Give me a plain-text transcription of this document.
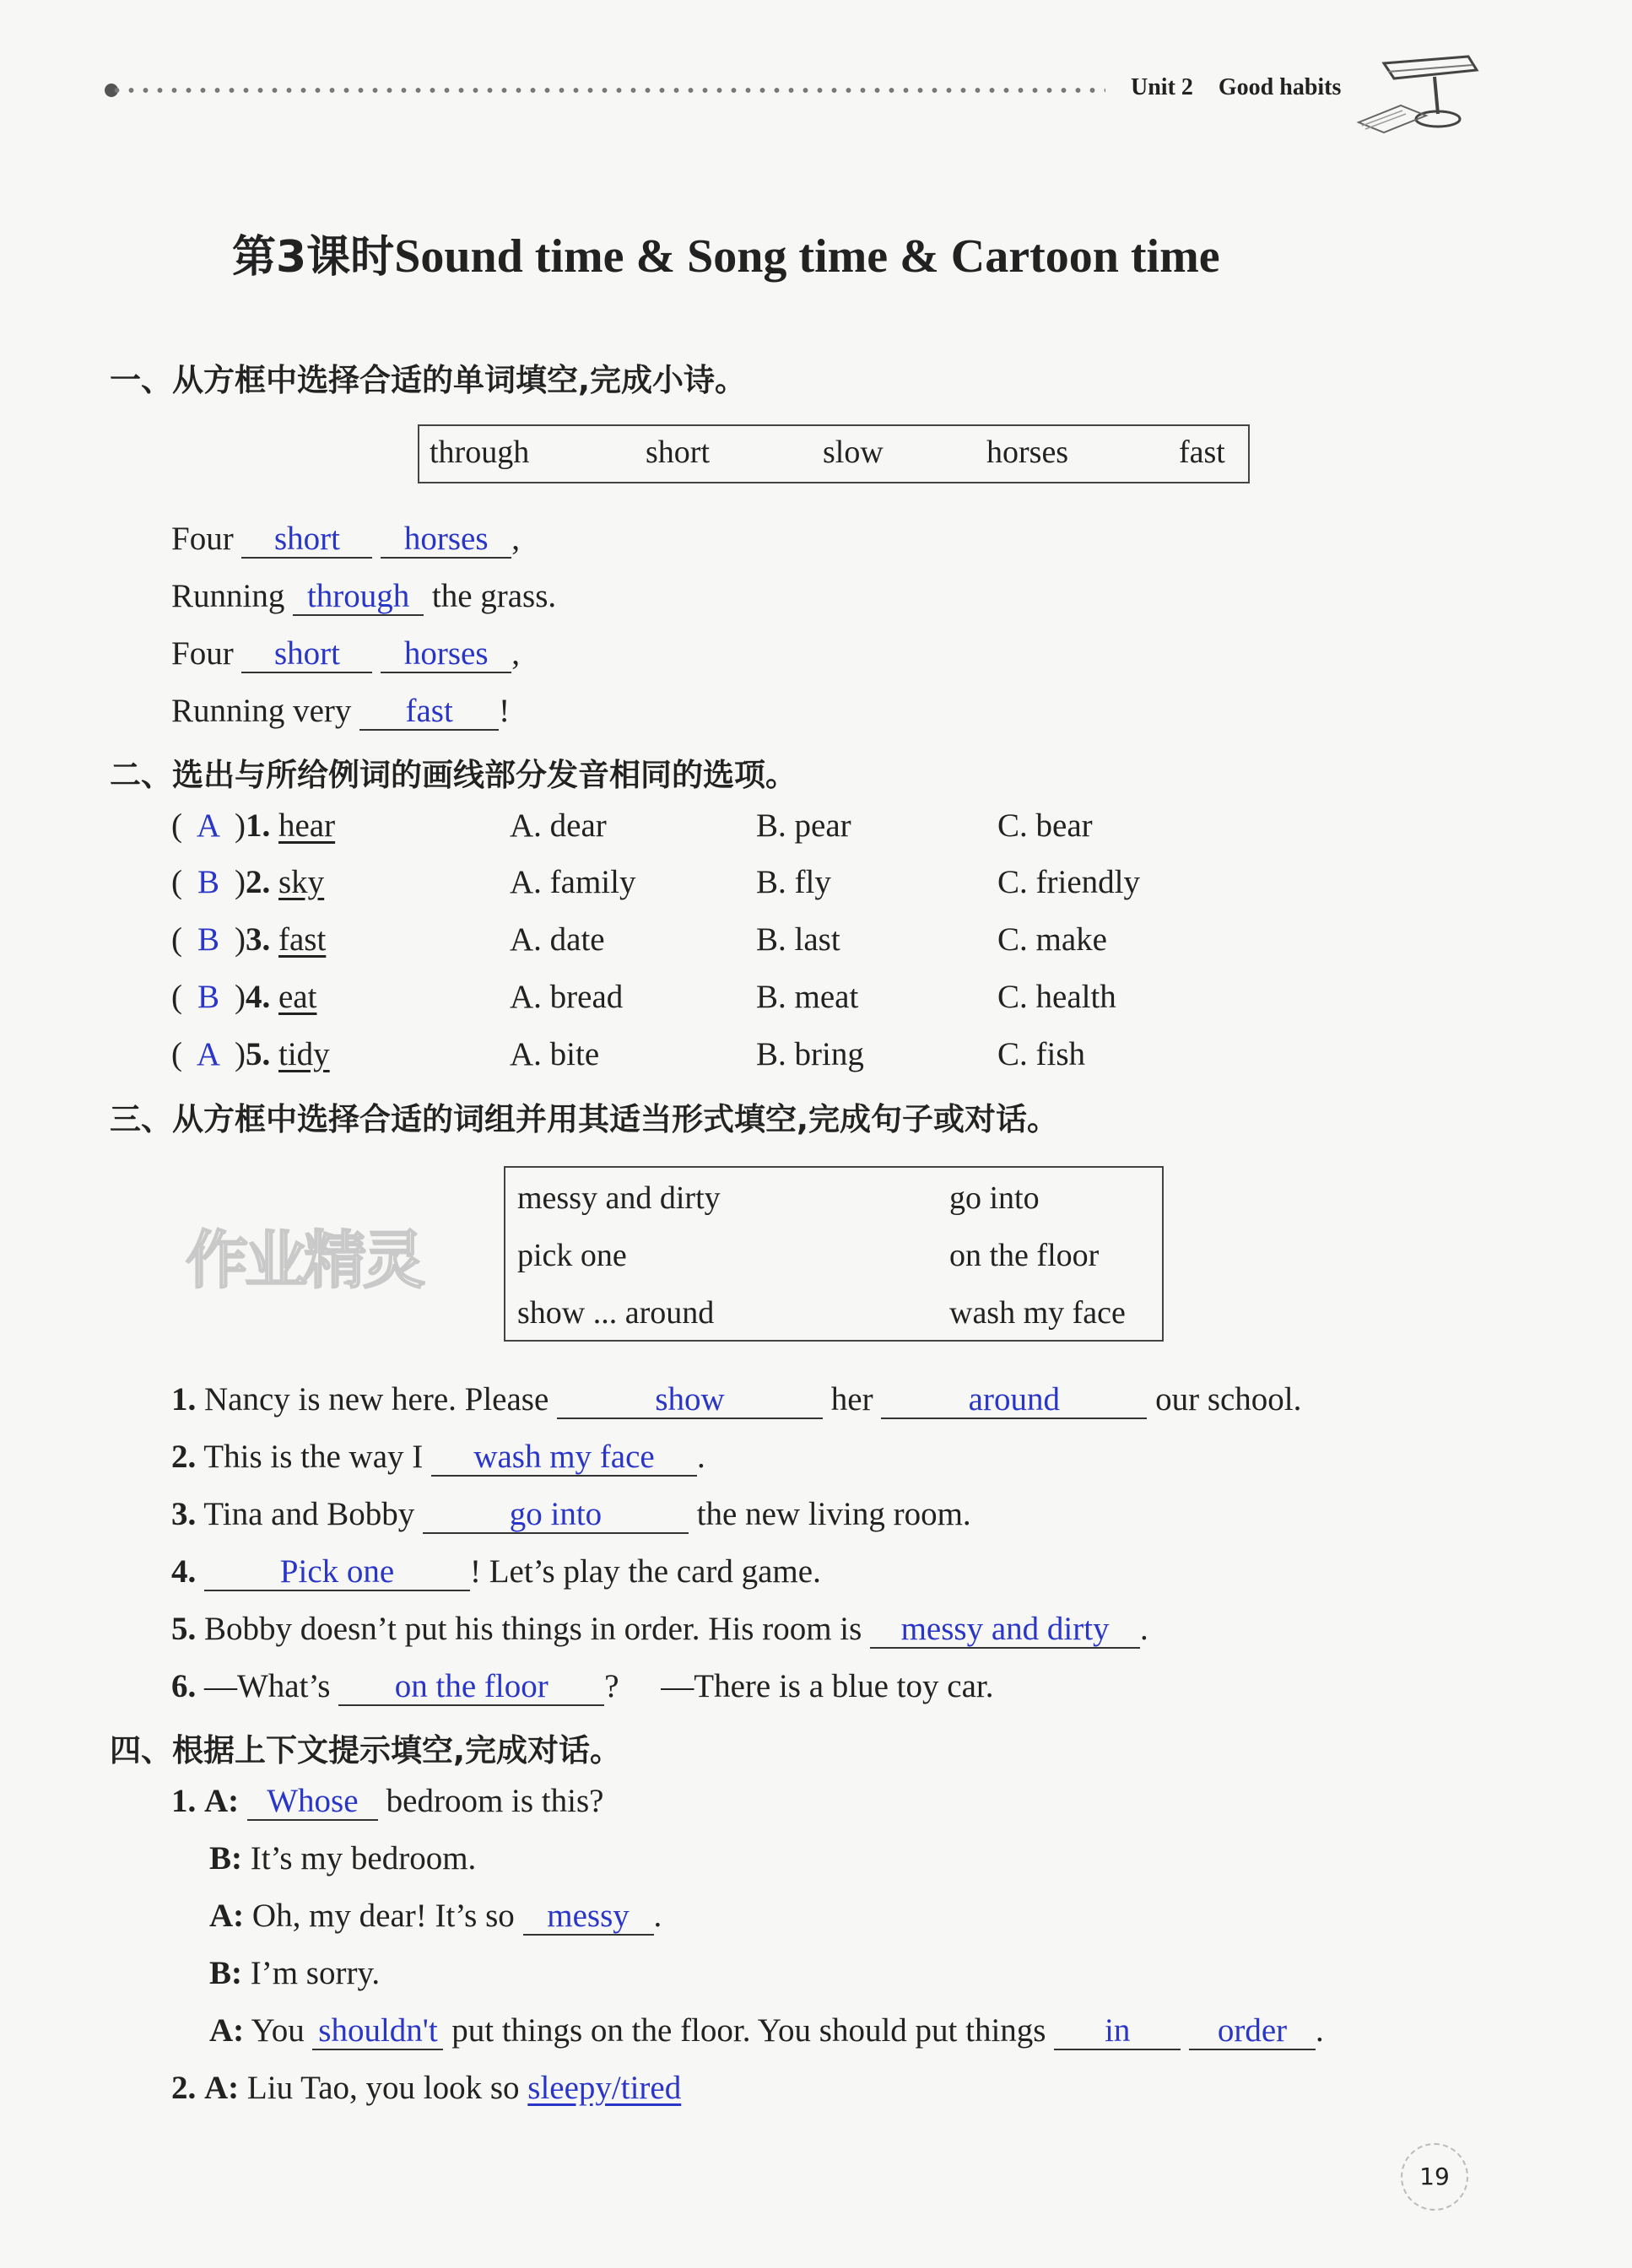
Unit 2 Good habits
第3课时Sound time & Song time & Cartoon time
一、从方框中选择合适的单词填空,完成小诗。
through	short	slow	horses	fast
Four short horses ,
Running through the grass.
Four short horses ,
Running very fast !
二、选出与所给例词的画线部分发音相同的选项。
( A )1. hear	A. dear	B. pear	C. bear
( B )2. sky	A. family	B. fly	C. friendly
( B )3. fast	A. date	B. last	C. make
( B )4. eat	A. bread	B. meat	C. health
( A )5. tidy	A. bite	B. bring	C. fish
三、从方框中选择合适的词组并用其适当形式填空,完成句子或对话。
作业精灵
messy and dirty	go into
pick one	on the floor
show ... around	wash my face
1. Nancy is new here. Please	show	her	around	our school.
2. This is the way I wash my face .
3. Tina and Bobby	go into	the new living room.
4.	Pick one ! Let’s play the card game.
5. Bobby doesn’t put his things in order. His room is messy and dirty .
6. —What’s on the floor ? —There is a blue toy car.
四、根据上下文提示填空,完成对话。
1. A: Whose bedroom is this?
B: It’s my bedroom.
A: Oh, my dear! It’s so messy .
B: I’m sorry.
A: You shouldn't put things on the floor. You should put things in	order .
2. A: Liu Tao, you look so sleepy/tired
19
